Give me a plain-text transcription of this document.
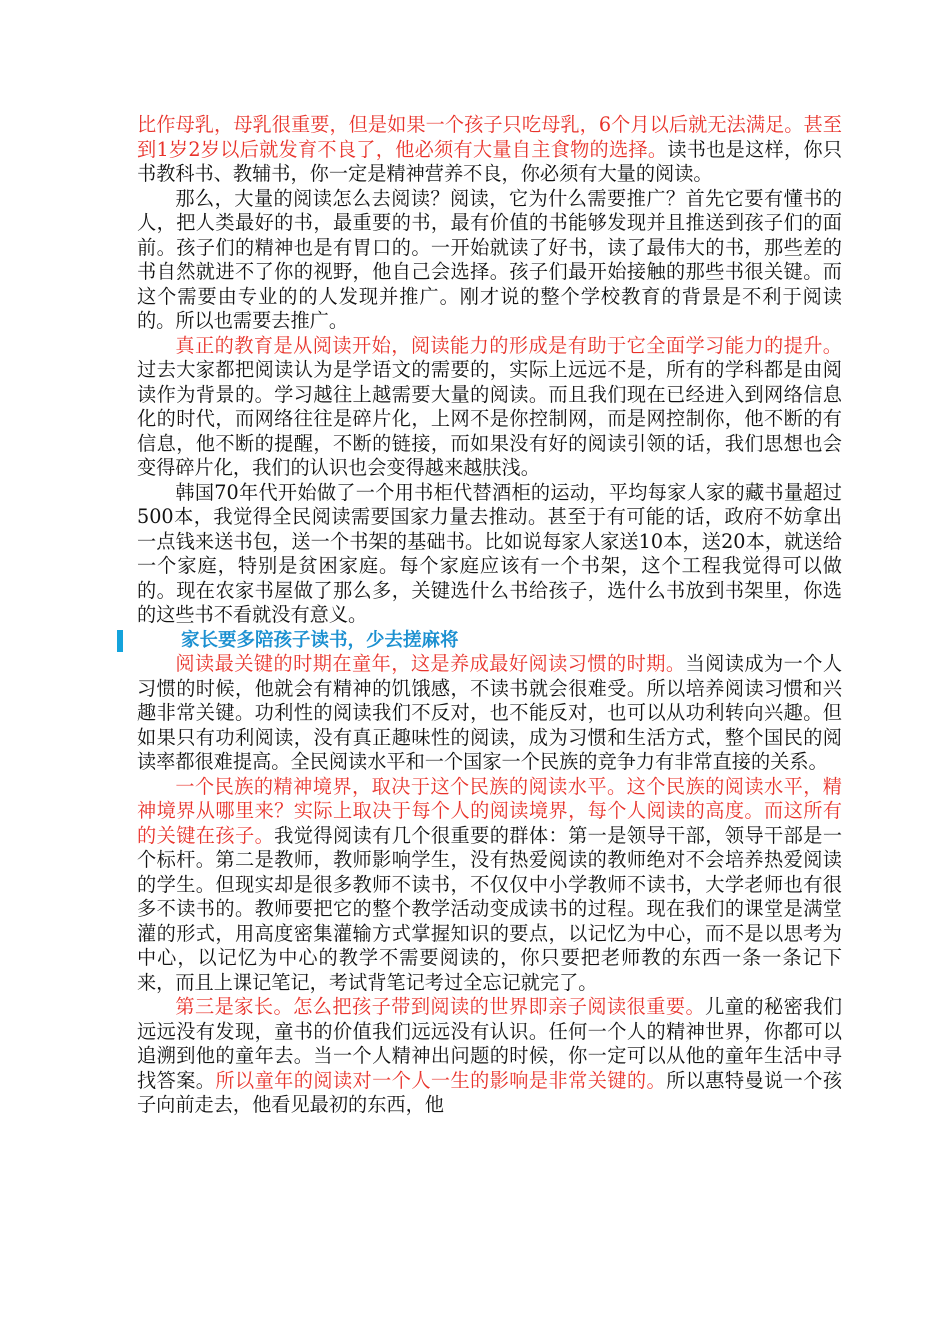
比作母乳，母乳很重要，但是如果一个孩子只吃母乳，6个月以后就无法满足。甚至到1岁2岁以后就发育不良了，他必须有大量自主食物的选择。读书也是这样，你只书教科书、教辅书，你一定是精神营养不良，你必须有大量的阅读。

那么，大量的阅读怎么去阅读？阅读，它为什么需要推广？首先它要有懂书的人，把人类最好的书，最重要的书，最有价值的书能够发现并且推送到孩子们的面前。孩子们的精神也是有胃口的。一开始就读了好书，读了最伟大的书，那些差的书自然就进不了你的视野，他自己会选择。孩子们最开始接触的那些书很关键。而这个需要由专业的的人发现并推广。刚才说的整个学校教育的背景是不利于阅读的。所以也需要去推广。

真正的教育是从阅读开始，阅读能力的形成是有助于它全面学习能力的提升。过去大家都把阅读认为是学语文的需要的，实际上远远不是，所有的学科都是由阅读作为背景的。学习越往上越需要大量的阅读。而且我们现在已经进入到网络信息化的时代，而网络往往是碎片化，上网不是你控制网，而是网控制你，他不断的有信息，他不断的提醒，不断的链接，而如果没有好的阅读引领的话，我们思想也会变得碎片化，我们的认识也会变得越来越肤浅。

韩国70年代开始做了一个用书柜代替酒柜的运动，平均每家人家的藏书量超过500本，我觉得全民阅读需要国家力量去推动。甚至于有可能的话，政府不妨拿出一点钱来送书包，送一个书架的基础书。比如说每家人家送10本，送20本，就送给一个家庭，特别是贫困家庭。每个家庭应该有一个书架，这个工程我觉得可以做的。现在农家书屋做了那么多，关键选什么书给孩子，选什么书放到书架里，你选的这些书不看就没有意义。

家长要多陪孩子读书，少去搓麻将

阅读最关键的时期在童年，这是养成最好阅读习惯的时期。当阅读成为一个人习惯的时候，他就会有精神的饥饿感，不读书就会很难受。所以培养阅读习惯和兴趣非常关键。功利性的阅读我们不反对，也不能反对，也可以从功利转向兴趣。但如果只有功利阅读，没有真正趣味性的阅读，成为习惯和生活方式，整个国民的阅读率都很难提高。全民阅读水平和一个国家一个民族的竞争力有非常直接的关系。

一个民族的精神境界，取决于这个民族的阅读水平。这个民族的阅读水平，精神境界从哪里来？实际上取决于每个人的阅读境界，每个人阅读的高度。而这所有的关键在孩子。我觉得阅读有几个很重要的群体：第一是领导干部，领导干部是一个标杆。第二是教师，教师影响学生，没有热爱阅读的教师绝对不会培养热爱阅读的学生。但现实却是很多教师不读书，不仅仅中小学教师不读书，大学老师也有很多不读书的。教师要把它的整个教学活动变成读书的过程。现在我们的课堂是满堂灌的形式，用高度密集灌输方式掌握知识的要点，以记忆为中心，而不是以思考为中心，以记忆为中心的教学不需要阅读的，你只要把老师教的东西一条一条记下来，而且上课记笔记，考试背笔记考过全忘记就完了。

第三是家长。怎么把孩子带到阅读的世界即亲子阅读很重要。儿童的秘密我们远远没有发现，童书的价值我们远远没有认识。任何一个人的精神世界，你都可以追溯到他的童年去。当一个人精神出问题的时候，你一定可以从他的童年生活中寻找答案。所以童年的阅读对一个人一生的影响是非常关键的。所以惠特曼说一个孩子向前走去，他看见最初的东西，他
